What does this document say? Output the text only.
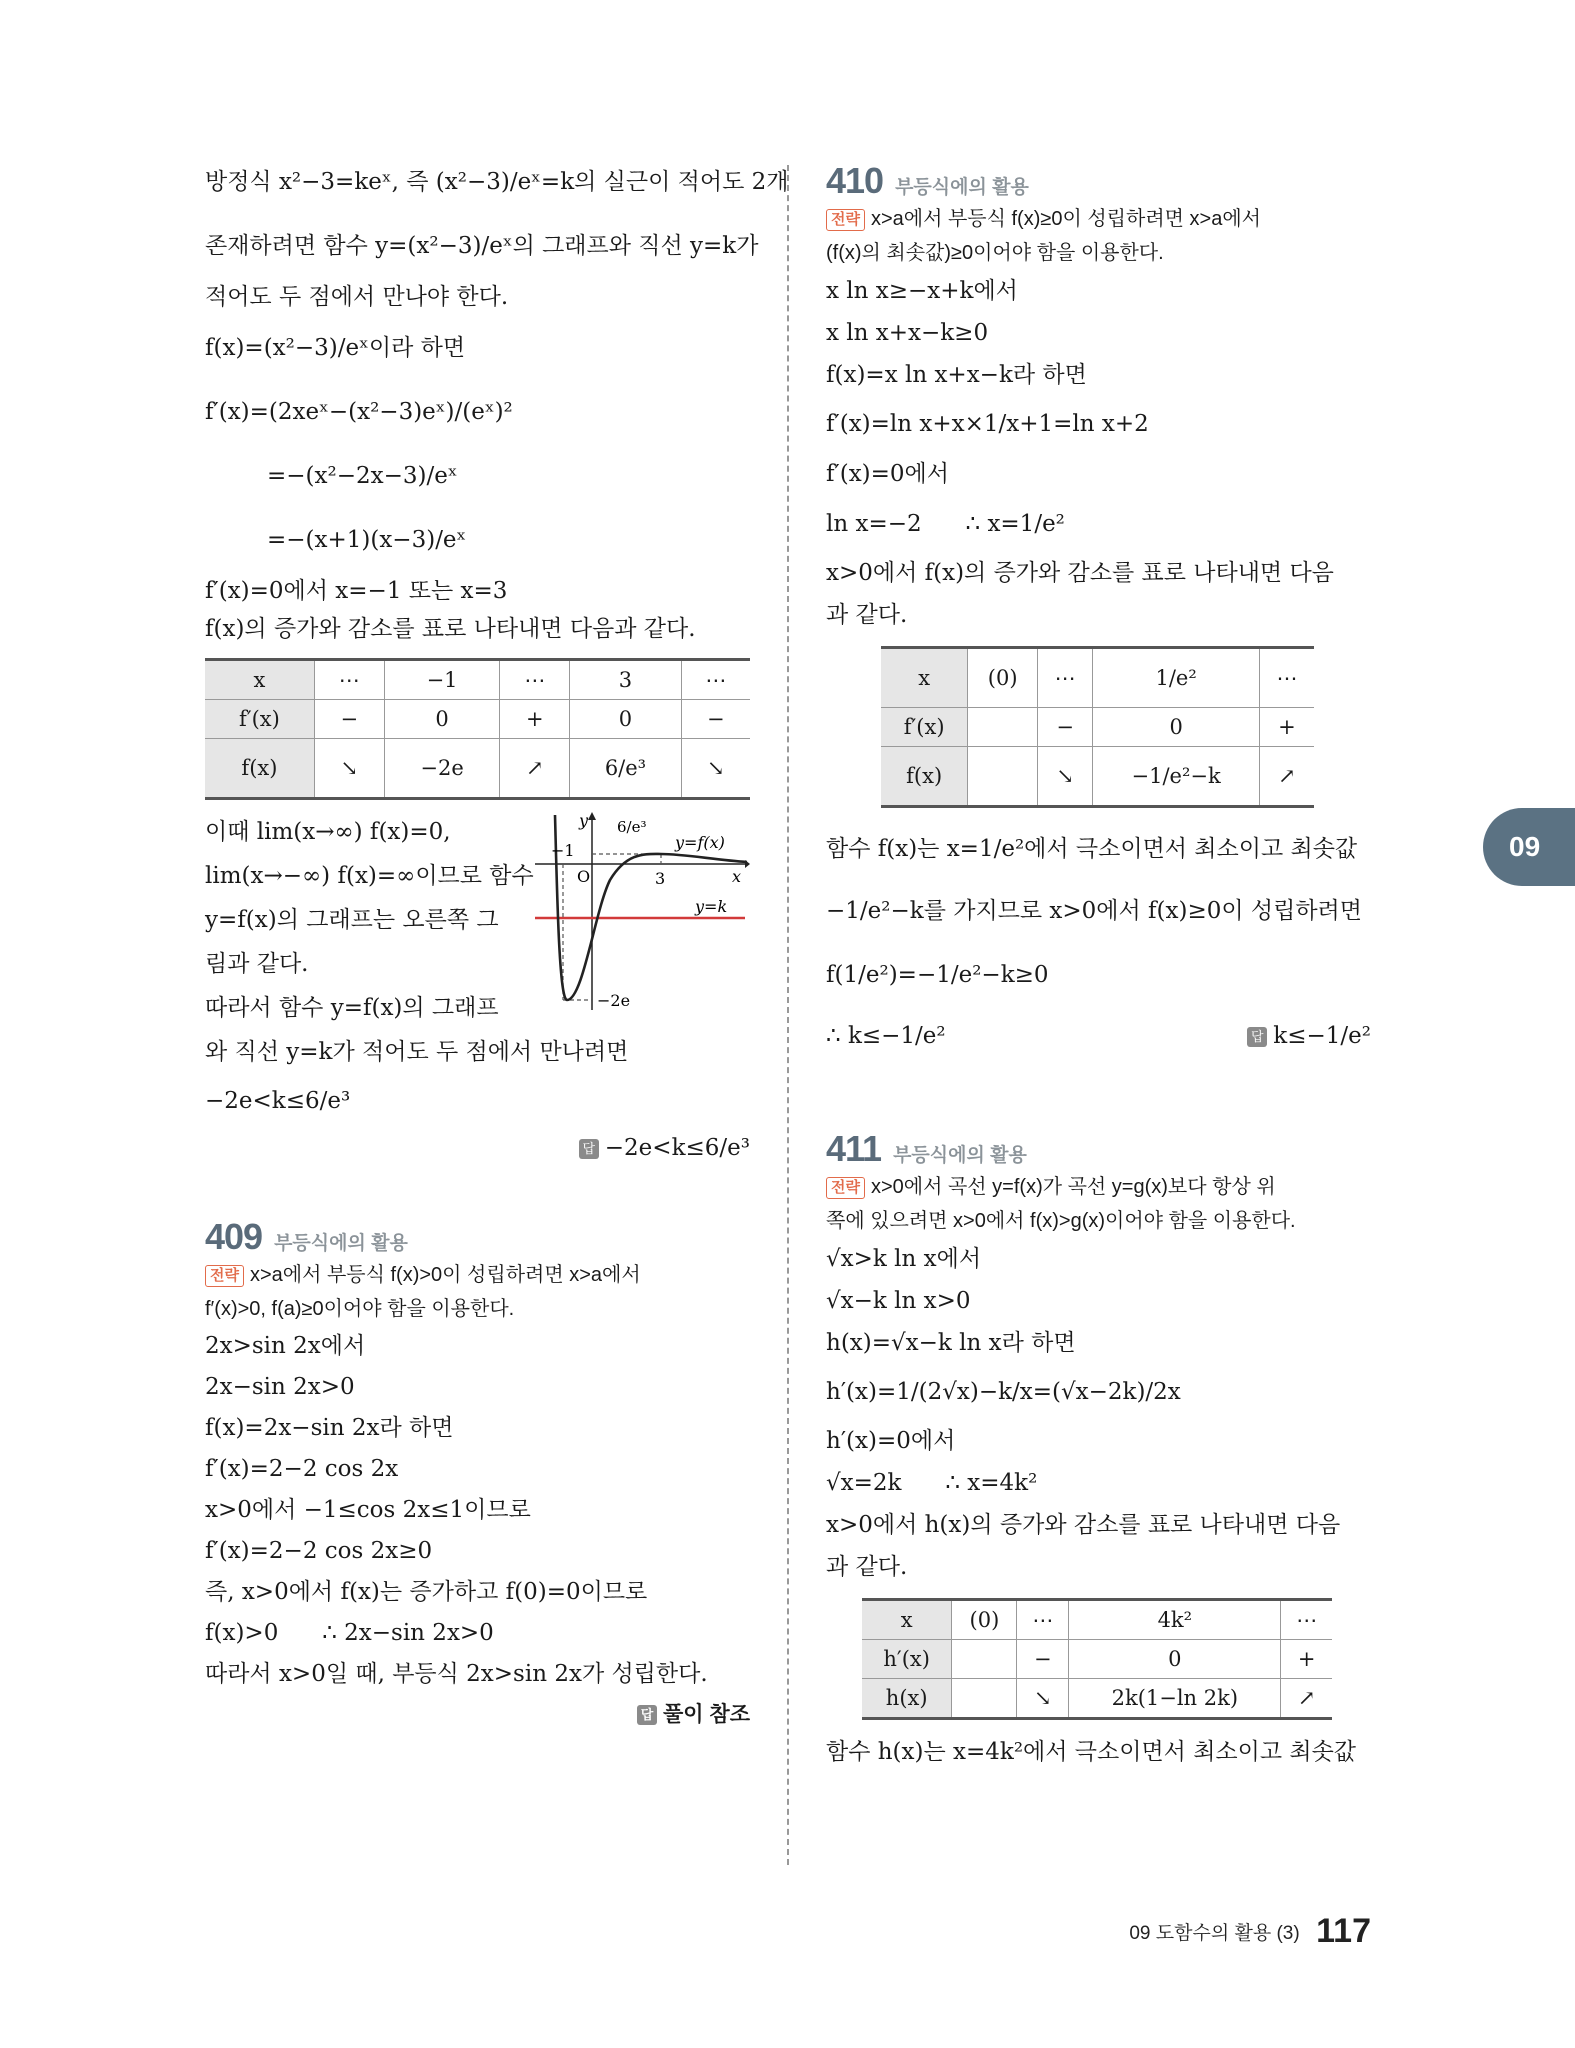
방정식 x²−3=keˣ, 즉 (x²−3)/eˣ=k의 실근이 적어도 2개
존재하려면 함수 y=(x²−3)/eˣ의 그래프와 직선 y=k가
적어도 두 점에서 만나야 한다.
f(x)=(x²−3)/eˣ이라 하면
f′(x)=(2xeˣ−(x²−3)eˣ)/(eˣ)²
=−(x²−2x−3)/eˣ
=−(x+1)(x−3)/eˣ
f′(x)=0에서 x=−1 또는 x=3
f(x)의 증가와 감소를 표로 나타내면 다음과 같다.
x	⋯	−1	⋯	3	⋯
f′(x)	−	0	+	0	−
f(x)	↘	−2e	↗	6/e³	↘
이때 lim(x→∞) f(x)=0,
lim(x→−∞) f(x)=∞이므로 함수
y=f(x)의 그래프는 오른쪽 그
림과 같다.
따라서 함수 y=f(x)의 그래프
y
x
O
−1
3
6/e³
y=f(x)
y=k
−2e
와 직선 y=k가 적어도 두 점에서 만나려면
−2e<k≤6/e³
답 −2e<k≤6/e³
409 부등식에의 활용
전략 x>a에서 부등식 f(x)>0이 성립하려면 x>a에서
f′(x)>0, f(a)≥0이어야 함을 이용한다.
2x>sin 2x에서
2x−sin 2x>0
f(x)=2x−sin 2x라 하면
f′(x)=2−2 cos 2x
x>0에서 −1≤cos 2x≤1이므로
f′(x)=2−2 cos 2x≥0
즉, x>0에서 f(x)는 증가하고 f(0)=0이므로
f(x)>0      ∴ 2x−sin 2x>0
따라서 x>0일 때, 부등식 2x>sin 2x가 성립한다.
답 풀이 참조
410 부등식에의 활용
전략 x>a에서 부등식 f(x)≥0이 성립하려면 x>a에서
(f(x)의 최솟값)≥0이어야 함을 이용한다.
x ln x≥−x+k에서
x ln x+x−k≥0
f(x)=x ln x+x−k라 하면
f′(x)=ln x+x×1/x+1=ln x+2
f′(x)=0에서
ln x=−2      ∴ x=1/e²
x>0에서 f(x)의 증가와 감소를 표로 나타내면 다음
과 같다.
x	(0)	⋯	1/e²	⋯
f′(x)		−	0	+
f(x)		↘	−1/e²−k	↗
함수 f(x)는 x=1/e²에서 극소이면서 최소이고 최솟값
−1/e²−k를 가지므로 x>0에서 f(x)≥0이 성립하려면
f(1/e²)=−1/e²−k≥0
∴ k≤−1/e²	답 k≤−1/e²
411 부등식에의 활용
전략 x>0에서 곡선 y=f(x)가 곡선 y=g(x)보다 항상 위
쪽에 있으려면 x>0에서 f(x)>g(x)이어야 함을 이용한다.
√x>k ln x에서
√x−k ln x>0
h(x)=√x−k ln x라 하면
h′(x)=1/(2√x)−k/x=(√x−2k)/2x
h′(x)=0에서
√x=2k      ∴ x=4k²
x>0에서 h(x)의 증가와 감소를 표로 나타내면 다음
과 같다.
x	(0)	⋯	4k²	⋯
h′(x)		−	0	+
h(x)		↘	2k(1−ln 2k)	↗
함수 h(x)는 x=4k²에서 극소이면서 최소이고 최솟값
09
09 도함수의 활용 (3) 117
